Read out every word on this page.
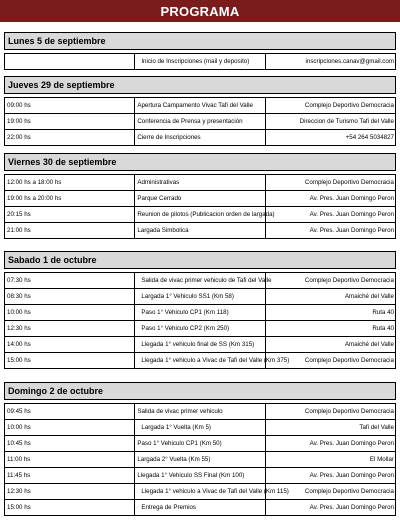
PROGRAMA
Lunes 5 de septiembre

	Inicio de Inscripciones (mail y deposito)	inscripciones.canav@gmail.com
Jueves 29 de septiembre		

09:00 hs	Apertura Campamento Vivac Tafi del Valle	Complejo Deportivo Democracia
19:00 hs	Conferencia de Prensa y presentación	Direccion de Turismo Tafi del Valle
22:00 hs	Cierre de Inscripciones	+54 264 5034827
Viernes 30 de septiembre		

12:00 hs a 18:00 hs	Administrativas	Complejo Deportivo Democracia
19:00 hs a 20:00 hs	Parque Cerrado	Av. Pres. Juan Domingo Peron
20:15 hs	Reunion de pilotos (Publicacion orden de largada)	Av. Pres. Juan Domingo Peron
21:00 hs	Largada Simbolica	Av. Pres. Juan Domingo Peron
Sabado 1 de octubre		

07:30 hs	Salida de vivac primer vehiculo de Tafi del Valle	Complejo Deportivo Democracia
08:30 hs	Largada 1° Vehiculo SS1 (Km 58)	Amaiché del Valle
10:00 hs	Paso 1° Vehiculo CP1 (Km 118)	Ruta 40
12:30 hs	Paso 1° Vehiculo CP2 (Km 250)	Ruta 40
14:00 hs	Llegada 1° vehiculo final de SS (Km 315)	Amaiché del Valle
15:00 hs	Llegada 1° vehiculo a Vivac de Tafi del Valle (Km 375)	Complejo Deportivo Democracia
Domingo 2 de octubre		

09:45 hs	Salida de vivac primer vehiculo	Complejo Deportivo Democracia
10:00 hs	Largada 1° Vuelta (Km 5)	Tafi del Valle
10:45 hs	Paso 1° Vehiculo CP1 (Km 50)	Av. Pres. Juan Domingo Peron
11:00 hs	Largada 2° Vuelta (Km 55)	El Mollar
11:45 hs	Llegada 1° Vehiculo SS Final (Km 100)	Av. Pres. Juan Domingo Peron
12:30 hs	Llegada 1° vehiculo a Vivac de Tafi del Valle (Km 115)	Complejo Deportivo Democracia
15:00 hs	Entrega de Premios	Av. Pres. Juan Domingo Peron
